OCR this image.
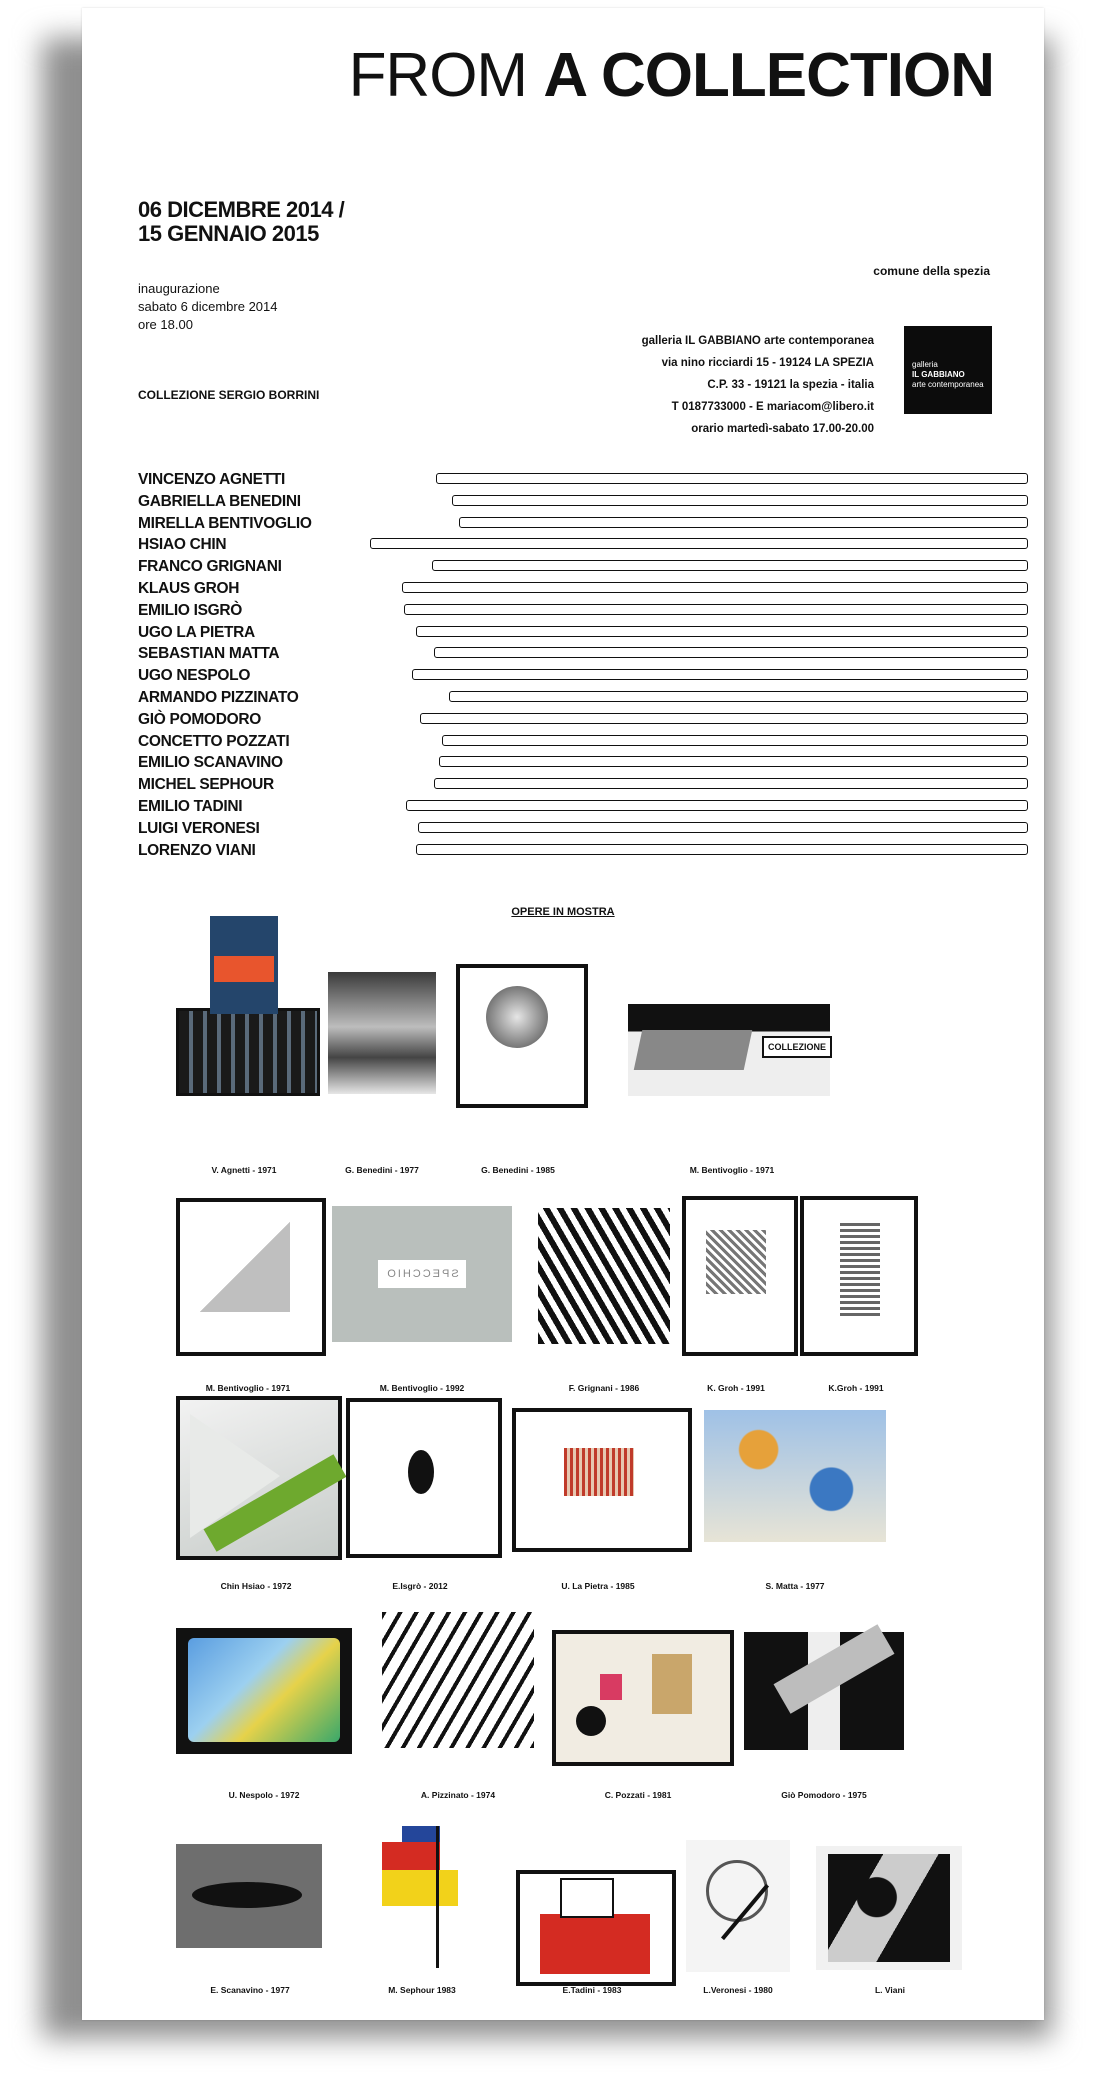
FROM A COLLECTION
06 DICEMBRE 2014 /
15 GENNAIO 2015
inaugurazione
sabato 6 dicembre 2014
ore 18.00
COLLEZIONE SERGIO BORRINI
comune della spezia
galleria IL GABBIANO arte contemporanea
via nino ricciardi 15 - 19124 LA SPEZIA
C.P. 33 - 19121 la spezia - italia
T 0187733000 - E mariacom@libero.it
orario martedì-sabato 17.00-20.00
galleria
IL GABBIANO
arte contemporanea
VINCENZO AGNETTI
GABRIELLA BENEDINI
MIRELLA BENTIVOGLIO
HSIAO CHIN
FRANCO GRIGNANI
KLAUS GROH
EMILIO ISGRÒ
UGO LA PIETRA
SEBASTIAN MATTA
UGO NESPOLO
ARMANDO PIZZINATO
GIÒ POMODORO
CONCETTO POZZATI
EMILIO SCANAVINO
MICHEL SEPHOUR
EMILIO TADINI
LUIGI VERONESI
LORENZO VIANI
OPERE IN MOSTRA
COLLEZIONE
SPECCHIO
V. Agnetti - 1971	G. Benedini - 1977	G. Benedini - 1985	M. Bentivoglio - 1971
M. Bentivoglio - 1971	M. Bentivoglio - 1992	F. Grignani - 1986	K. Groh - 1991	K.Groh - 1991
Chin Hsiao - 1972	E.Isgrò - 2012	U. La Pietra - 1985	S. Matta - 1977
U. Nespolo - 1972	A. Pizzinato - 1974	C. Pozzati - 1981	Giò Pomodoro - 1975
E. Scanavino - 1977	M. Sephour 1983	E.Tadini - 1983	L.Veronesi - 1980	L. Viani
